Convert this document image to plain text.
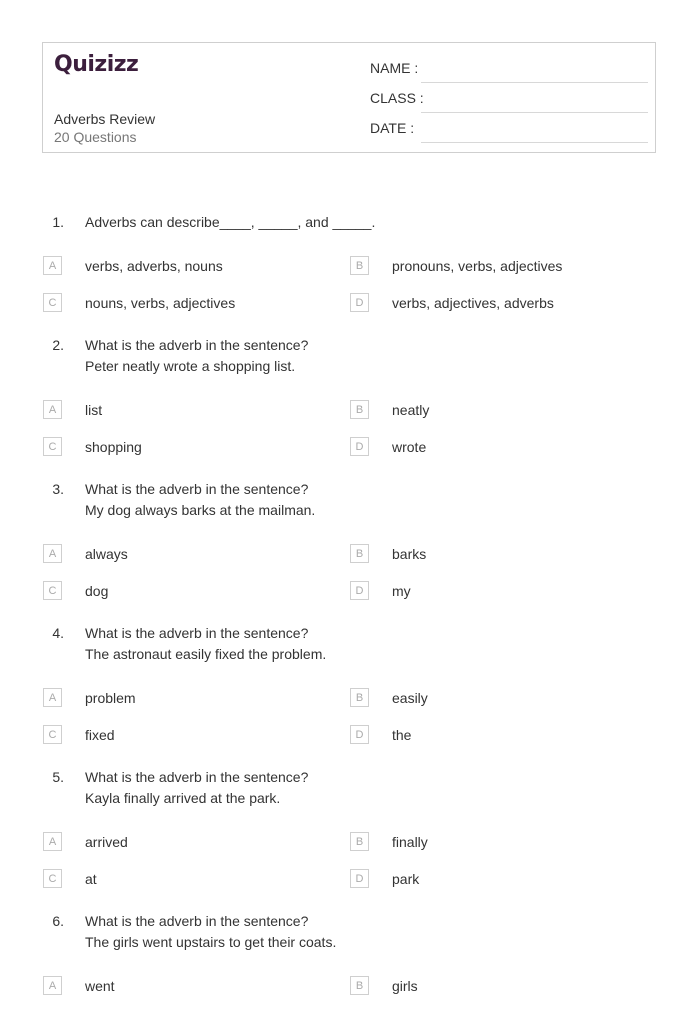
Quizizz
Adverbs Review
20 Questions
NAME :
CLASS :
DATE :
1. Adverbs can describe____, _____, and _____.
A	verbs, adverbs, nouns	B	pronouns, verbs, adjectives
C	nouns, verbs, adjectives	D	verbs, adjectives, adverbs
2. What is the adverb in the sentence?
Peter neatly wrote a shopping list.
A	list	B	neatly
C	shopping	D	wrote
3. What is the adverb in the sentence?
My dog always barks at the mailman.
A	always	B	barks
C	dog	D	my
4. What is the adverb in the sentence?
The astronaut easily fixed the problem.
A	problem	B	easily
C	fixed	D	the
5. What is the adverb in the sentence?
Kayla finally arrived at the park.
A	arrived	B	finally
C	at	D	park
6. What is the adverb in the sentence?
The girls went upstairs to get their coats.
A	went	B	girls
